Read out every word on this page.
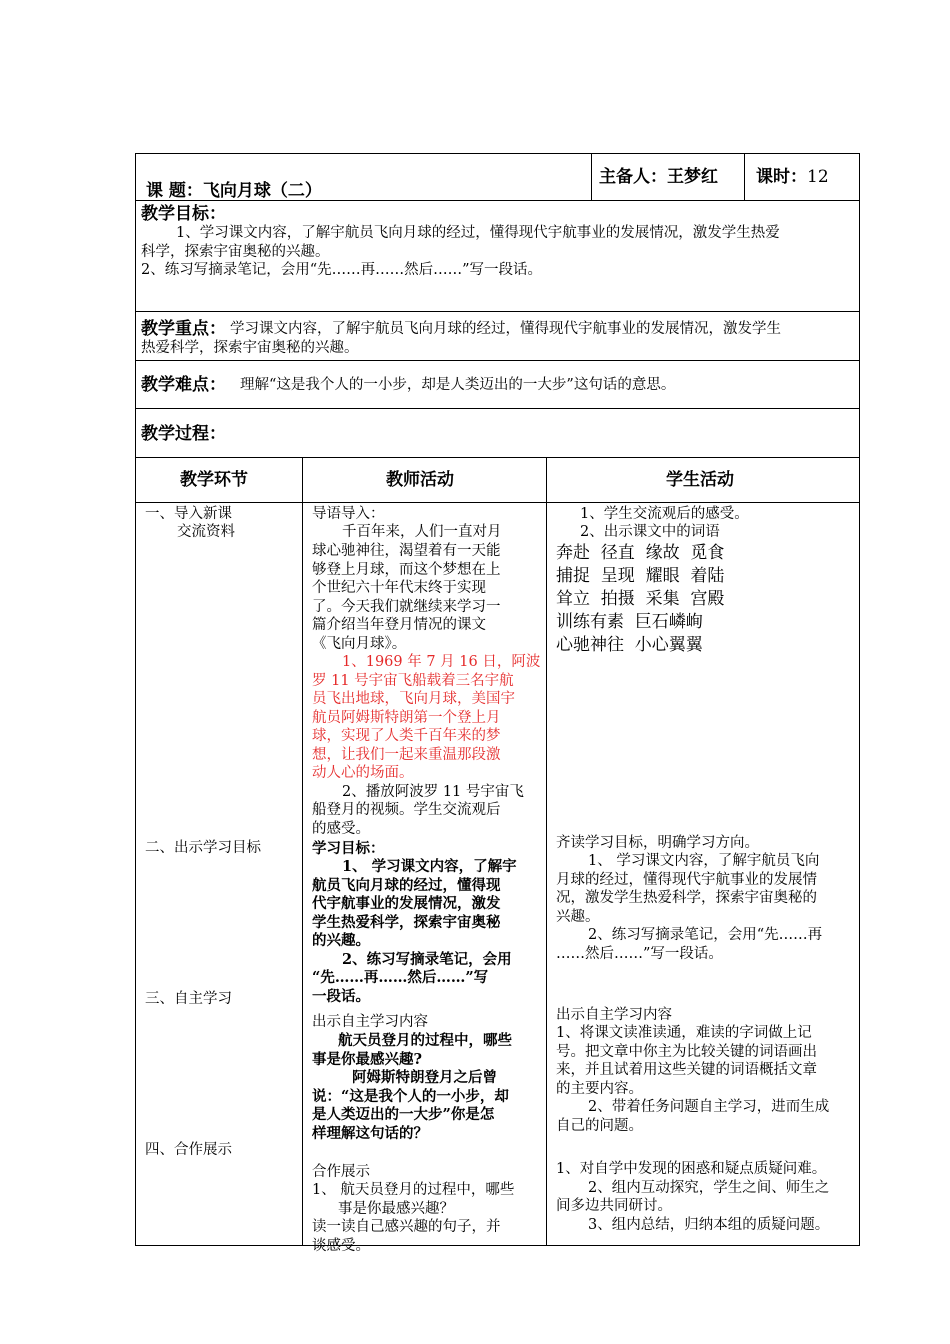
课 题：飞向月球（二）
主备人：王梦红 课时：12
教学目标：
1、学习课文内容，了解宇航员飞向月球的经过，懂得现代宇航事业的发展情况，激发学生热爱
科学，探索宇宙奥秘的兴趣。
2、练习写摘录笔记，会用“先……再……然后……”写一段话。
教学重点： 学习课文内容，了解宇航员飞向月球的经过，懂得现代宇航事业的发展情况，激发学生
热爱科学，探索宇宙奥秘的兴趣。
教学难点： 理解“这是我个人的一小步，却是人类迈出的一大步”这句话的意思。
教学过程：
教学环节	教师活动	学生活动
一、导入新课
交流资料
二、出示学习目标
三、自主学习
四、合作展示
导语导入：
千百年来，人们一直对月
球心驰神往，渴望着有一天能
够登上月球，而这个梦想在上
个世纪六十年代末终于实现
了。今天我们就继续来学习一
篇介绍当年登月情况的课文
《飞向月球》。
1、1969 年 7 月 16 日，阿波
罗 11 号宇宙飞船载着三名宇航
员飞出地球，飞向月球，美国宇
航员阿姆斯特朗第一个登上月
球，实现了人类千百年来的梦
想，让我们一起来重温那段激
动人心的场面。
2、播放阿波罗 11 号宇宙飞
船登月的视频。学生交流观后
的感受。
学习目标：
1、 学习课文内容，了解宇
航员飞向月球的经过，懂得现
代宇航事业的发展情况，激发
学生热爱科学，探索宇宙奥秘
的兴趣。
2、练习写摘录笔记，会用
“先……再……然后……”写
一段话。
出示自主学习内容
航天员登月的过程中，哪些
事是你最感兴趣?
阿姆斯特朗登月之后曾
说：“这是我个人的一小步，却
是人类迈出的一大步”你是怎
样理解这句话的？
合作展示
1、 航天员登月的过程中，哪些
事是你最感兴趣？
读一读自己感兴趣的句子，并
谈感受。
1、学生交流观后的感受。
2、出示课文中的词语
奔赴  径直  缘故  觅食
捕捉  呈现  耀眼  着陆
耸立  拍摄  采集  宫殿
训练有素  巨石嶙峋
心驰神往  小心翼翼
齐读学习目标，明确学习方向。
1、 学习课文内容，了解宇航员飞向
月球的经过，懂得现代宇航事业的发展情
况，激发学生热爱科学，探索宇宙奥秘的
兴趣。
2、练习写摘录笔记，会用“先……再
……然后……”写一段话。
出示自主学习内容
1、将课文读准读通，难读的字词做上记
号。把文章中你主为比较关键的词语画出
来，并且试着用这些关键的词语概括文章
的主要内容。
2、带着任务问题自主学习，进而生成
自己的问题。
1、对自学中发现的困惑和疑点质疑问难。
2、组内互动探究，学生之间、师生之
间多边共同研讨。
3、组内总结，归纳本组的质疑问题。
